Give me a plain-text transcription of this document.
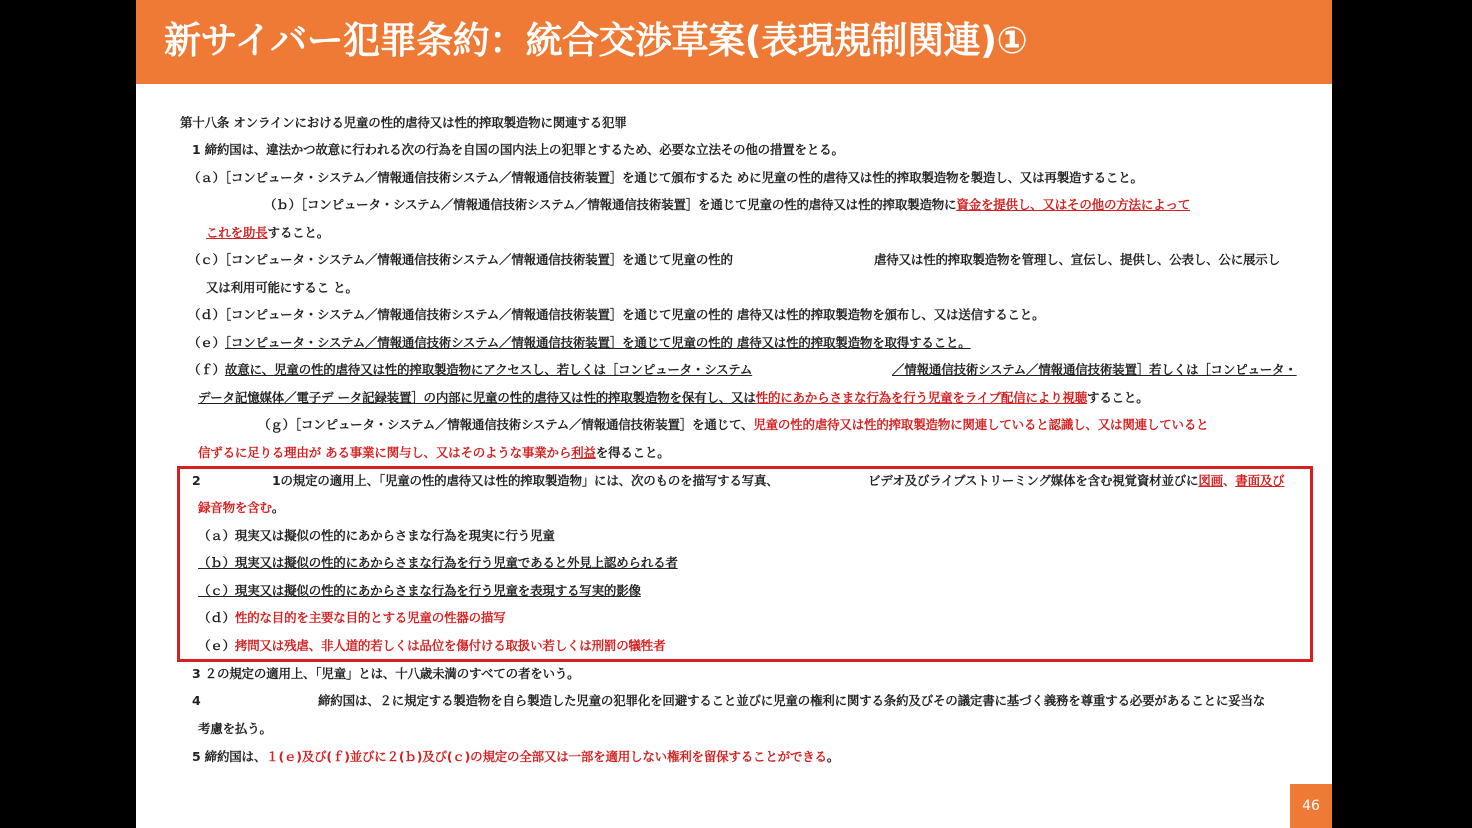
新サイバー犯罪条約：統合交渉草案(表現規制関連)①
第十八条 オンラインにおける児童の性的虐待又は性的搾取製造物に関連する犯罪
1 締約国は、違法かつ故意に行われる次の行為を自国の国内法上の犯罪とするため、必要な立法その他の措置をとる。
（ａ）［コンピュータ・システム／情報通信技術システム／情報通信技術装置］を通じて頒布するた めに児童の性的虐待又は性的搾取製造物を製造し、又は再製造すること。
（ｂ）［コンピュータ・システム／情報通信技術システム／情報通信技術装置］を通じて児童の性的虐待又は性的搾取製造物に資金を提供し、又はその他の方法によって
これを助長すること。
（ｃ）［コンピュータ・システム／情報通信技術システム／情報通信技術装置］を通じて児童の性的	虐待又は性的搾取製造物を管理し、宣伝し、提供し、公表し、公に展示し
又は利用可能にするこ と。
（ｄ）［コンピュータ・システム／情報通信技術システム／情報通信技術装置］を通じて児童の性的 虐待又は性的搾取製造物を頒布し、又は送信すること。
（ｅ）［コンピュータ・システム／情報通信技術システム／情報通信技術装置］を通じて児童の性的 虐待又は性的搾取製造物を取得すること。
（ｆ）故意に、児童の性的虐待又は性的搾取製造物にアクセスし、若しくは［コンピュータ・システム	／情報通信技術システム／情報通信技術装置］若しくは［コンピュータ・
データ記憶媒体／電子デ ータ記録装置］の内部に児童の性的虐待又は性的搾取製造物を保有し、又は性的にあからさまな行為を行う児童をライブ配信により視聴すること。
（ｇ）［コンピュータ・システム／情報通信技術システム／情報通信技術装置］を通じて、児童の性的虐待又は性的搾取製造物に関連していると認識し、又は関連していると
信ずるに足りる理由が ある事業に関与し、又はそのような事業から利益を得ること。
2	1の規定の適用上、「児童の性的虐待又は性的搾取製造物」には、次のものを描写する写真、	ビデオ及びライブストリーミング媒体を含む視覚資材並びに図画、書面及び
録音物を含む。
（ａ）現実又は擬似の性的にあからさまな行為を現実に行う児童
（ｂ）現実又は擬似の性的にあからさまな行為を行う児童であると外見上認められる者
（ｃ）現実又は擬似の性的にあからさまな行為を行う児童を表現する写実的影像
（ｄ）性的な目的を主要な目的とする児童の性器の描写
（ｅ）拷問又は残虐、非人道的若しくは品位を傷付ける取扱い若しくは刑罰の犠牲者
3 ２の規定の適用上、「児童」とは、十八歳未満のすべての者をいう。
4	締約国は、２に規定する製造物を自ら製造した児童の犯罪化を回避すること並びに児童の権利に関する条約及びその議定書に基づく義務を尊重する必要があることに妥当な
考慮を払う。
5 締約国は、１(ｅ)及び(ｆ)並びに２(ｂ)及び(ｃ)の規定の全部又は一部を適用しない権利を留保することができる。
46
